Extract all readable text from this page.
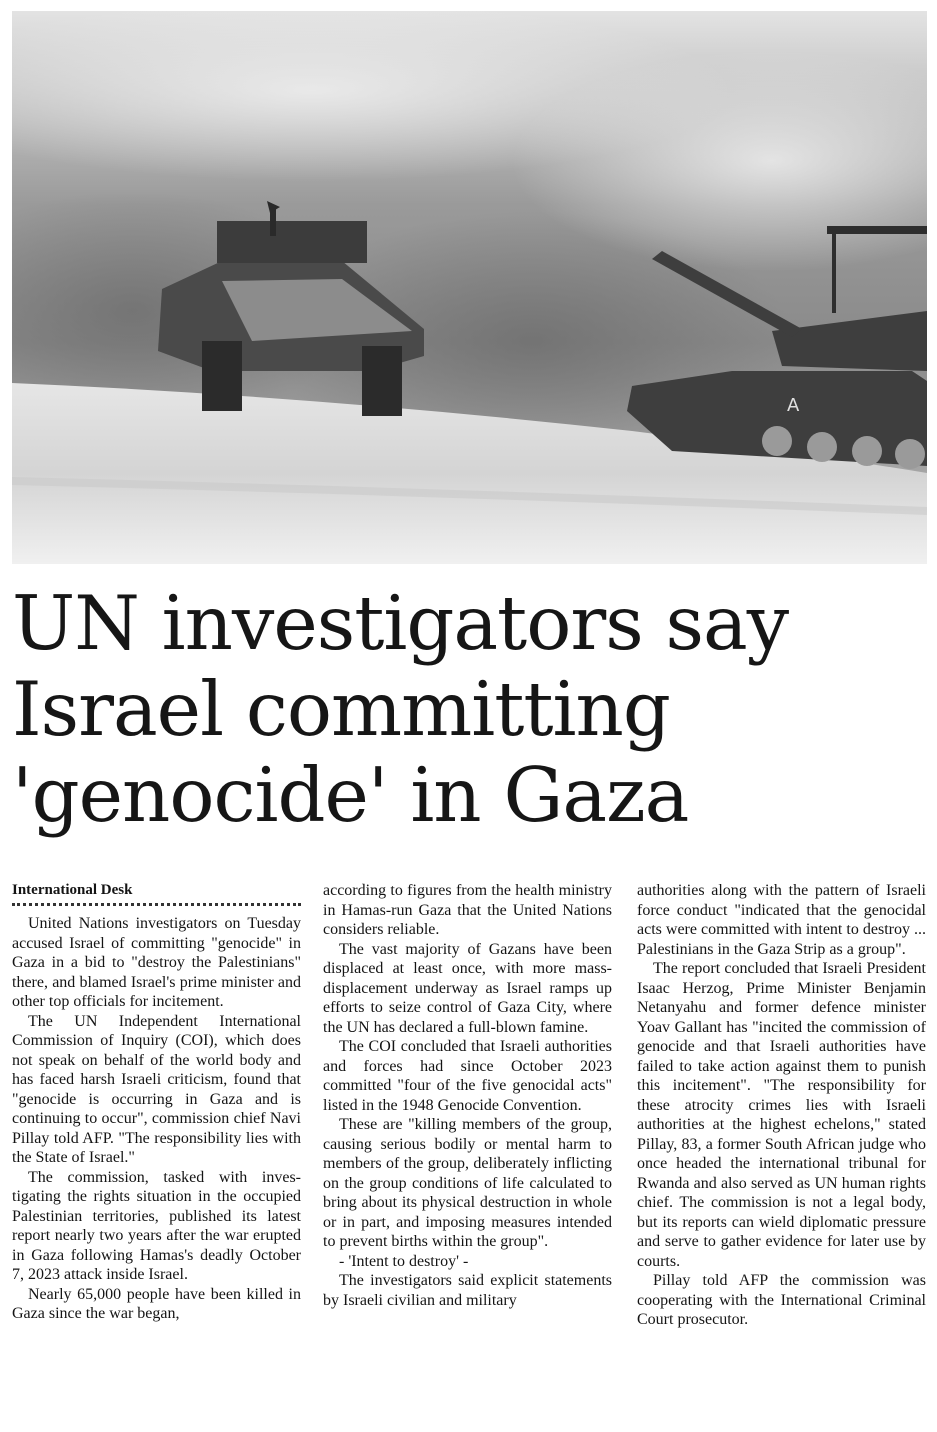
A
UN investigators say
Israel committing
'genocide' in Gaza
International Desk

United Nations investigators on Tuesday accused Israel of committing "genocide" in Gaza in a bid to "destroy the Palestinians" there, and blamed Israel's prime minister and other top officials for incitement.

The UN Independent International Commission of Inquiry (COI), which does not speak on behalf of the world body and has faced harsh Israeli criticism, found that "genocide is occurring in Gaza and is continuing to occur", commission chief Navi Pillay told AFP. "The responsibility lies with the State of Israel."

The commission, tasked with investigating the rights situation in the occupied Palestinian territories, published its latest report nearly two years after the war erupted in Gaza following Hamas's deadly October 7, 2023 attack inside Israel.

Nearly 65,000 people have been killed in Gaza since the war began,

according to figures from the health ministry in Hamas-run Gaza that the United Nations considers reliable.

The vast majority of Gazans have been displaced at least once, with more mass-displacement underway as Israel ramps up efforts to seize control of Gaza City, where the UN has declared a full-blown famine.

The COI concluded that Israeli authorities and forces had since October 2023 committed "four of the five genocidal acts" listed in the 1948 Genocide Convention.

These are "killing members of the group, causing serious bodily or mental harm to members of the group, deliberately inflicting on the group conditions of life calculated to bring about its physical destruction in whole or in part, and imposing measures intended to prevent births within the group".

- 'Intent to destroy' -

The investigators said explicit statements by Israeli civilian and military

authorities along with the pattern of Israeli force conduct "indicated that the genocidal acts were committed with intent to destroy ... Palestinians in the Gaza Strip as a group".

The report concluded that Israeli President Isaac Herzog, Prime Minister Benjamin Netanyahu and former defence minister Yoav Gallant has "incited the commission of genocide and that Israeli authorities have failed to take action against them to punish this incitement". "The responsibility for these atrocity crimes lies with Israeli authorities at the highest echelons," stated Pillay, 83, a former South African judge who once headed the international tribunal for Rwanda and also served as UN human rights chief. The commission is not a legal body, but its reports can wield diplomatic pressure and serve to gather evidence for later use by courts.

Pillay told AFP the commission was cooperating with the International Criminal Court prosecutor.
